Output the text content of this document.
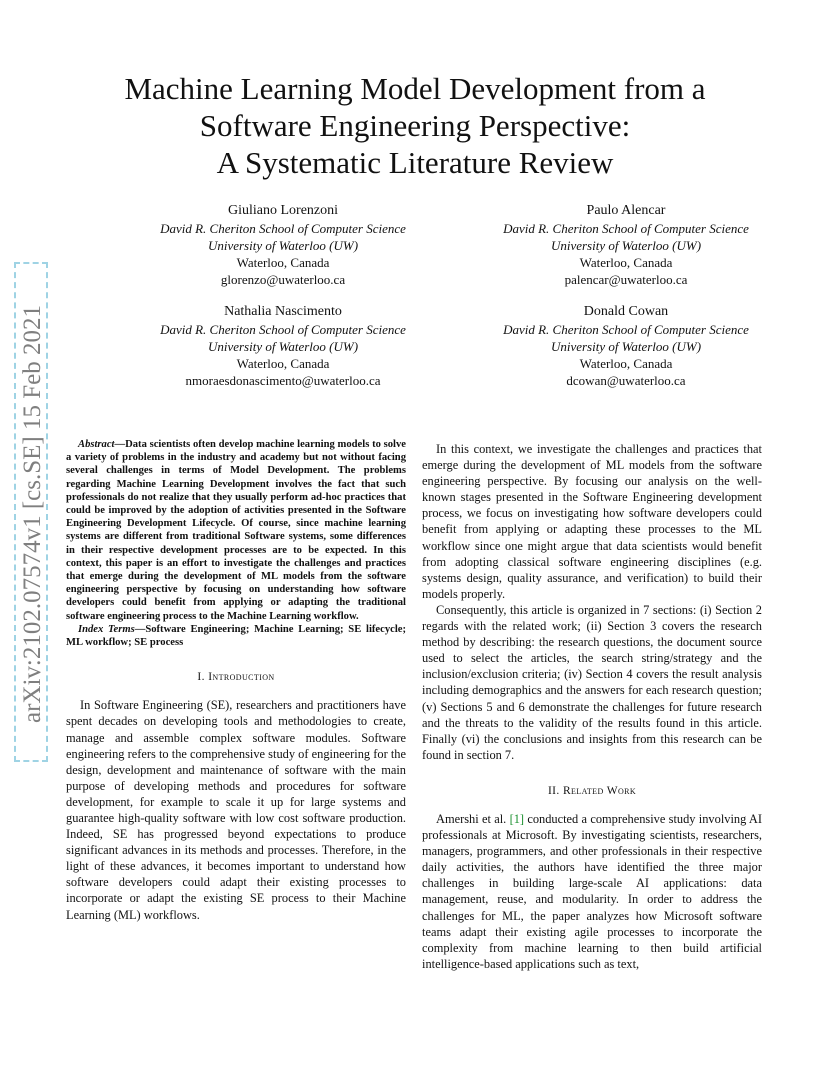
arXiv:2102.07574v1 [cs.SE] 15 Feb 2021
Machine Learning Model Development from a
Software Engineering Perspective:
A Systematic Literature Review
Giuliano Lorenzoni
David R. Cheriton School of Computer Science
University of Waterloo (UW)
Waterloo, Canada
glorenzo@uwaterloo.ca
Paulo Alencar
David R. Cheriton School of Computer Science
University of Waterloo (UW)
Waterloo, Canada
palencar@uwaterloo.ca
Nathalia Nascimento
David R. Cheriton School of Computer Science
University of Waterloo (UW)
Waterloo, Canada
nmoraesdonascimento@uwaterloo.ca
Donald Cowan
David R. Cheriton School of Computer Science
University of Waterloo (UW)
Waterloo, Canada
dcowan@uwaterloo.ca

Abstract—Data scientists often develop machine learning models to solve a variety of problems in the industry and academy but not without facing several challenges in terms of Model Development. The problems regarding Machine Learning Development involves the fact that such professionals do not realize that they usually perform ad-hoc practices that could be improved by the adoption of activities presented in the Software Engineering Development Lifecycle. Of course, since machine learning systems are different from traditional Software systems, some differences in their respective development processes are to be expected. In this context, this paper is an effort to investigate the challenges and practices that emerge during the development of ML models from the software engineering perspective by focusing on understanding how software developers could benefit from applying or adapting the traditional software engineering process to the Machine Learning workflow.

Index Terms—Software Engineering; Machine Learning; SE lifecycle; ML workflow; SE process

I. Introduction

In Software Engineering (SE), researchers and practitioners have spent decades on developing tools and methodologies to create, manage and assemble complex software modules. Software engineering refers to the comprehensive study of engineering for the design, development and maintenance of software with the main purpose of developing methods and procedures for software development, for example to scale it up for large systems and guarantee high-quality software with low cost software production. Indeed, SE has progressed beyond expectations to produce significant advances in its methods and processes. Therefore, in the light of these advances, it becomes important to understand how software developers could adapt their existing processes to incorporate or adapt the existing SE process to their Machine Learning (ML) workflows.

In this context, we investigate the challenges and practices that emerge during the development of ML models from the software engineering perspective. By focusing our analysis on the well-known stages presented in the Software Engineering development process, we focus on investigating how software developers could benefit from applying or adapting these processes to the ML workflow since one might argue that data scientists would benefit from adopting classical software engineering disciplines (e.g. systems design, quality assurance, and verification) to build their models properly.

Consequently, this article is organized in 7 sections: (i) Section 2 regards with the related work; (ii) Section 3 covers the research method by describing: the research questions, the document source used to select the articles, the search string/strategy and the inclusion/exclusion criteria; (iv) Section 4 covers the result analysis including demographics and the answers for each research question; (v) Sections 5 and 6 demonstrate the challenges for future research and the threats to the validity of the results found in this article. Finally (vi) the conclusions and insights from this research can be found in section 7.

II. Related Work

Amershi et al. [1] conducted a comprehensive study involving AI professionals at Microsoft. By investigating scientists, researchers, managers, programmers, and other professionals in their respective daily activities, the authors have identified the three major challenges in building large-scale AI applications: data management, reuse, and modularity. In order to address the challenges for ML, the paper analyzes how Microsoft software teams adapt their existing agile processes to incorporate the complexity from machine learning to then build artificial intelligence-based applications such as text,
